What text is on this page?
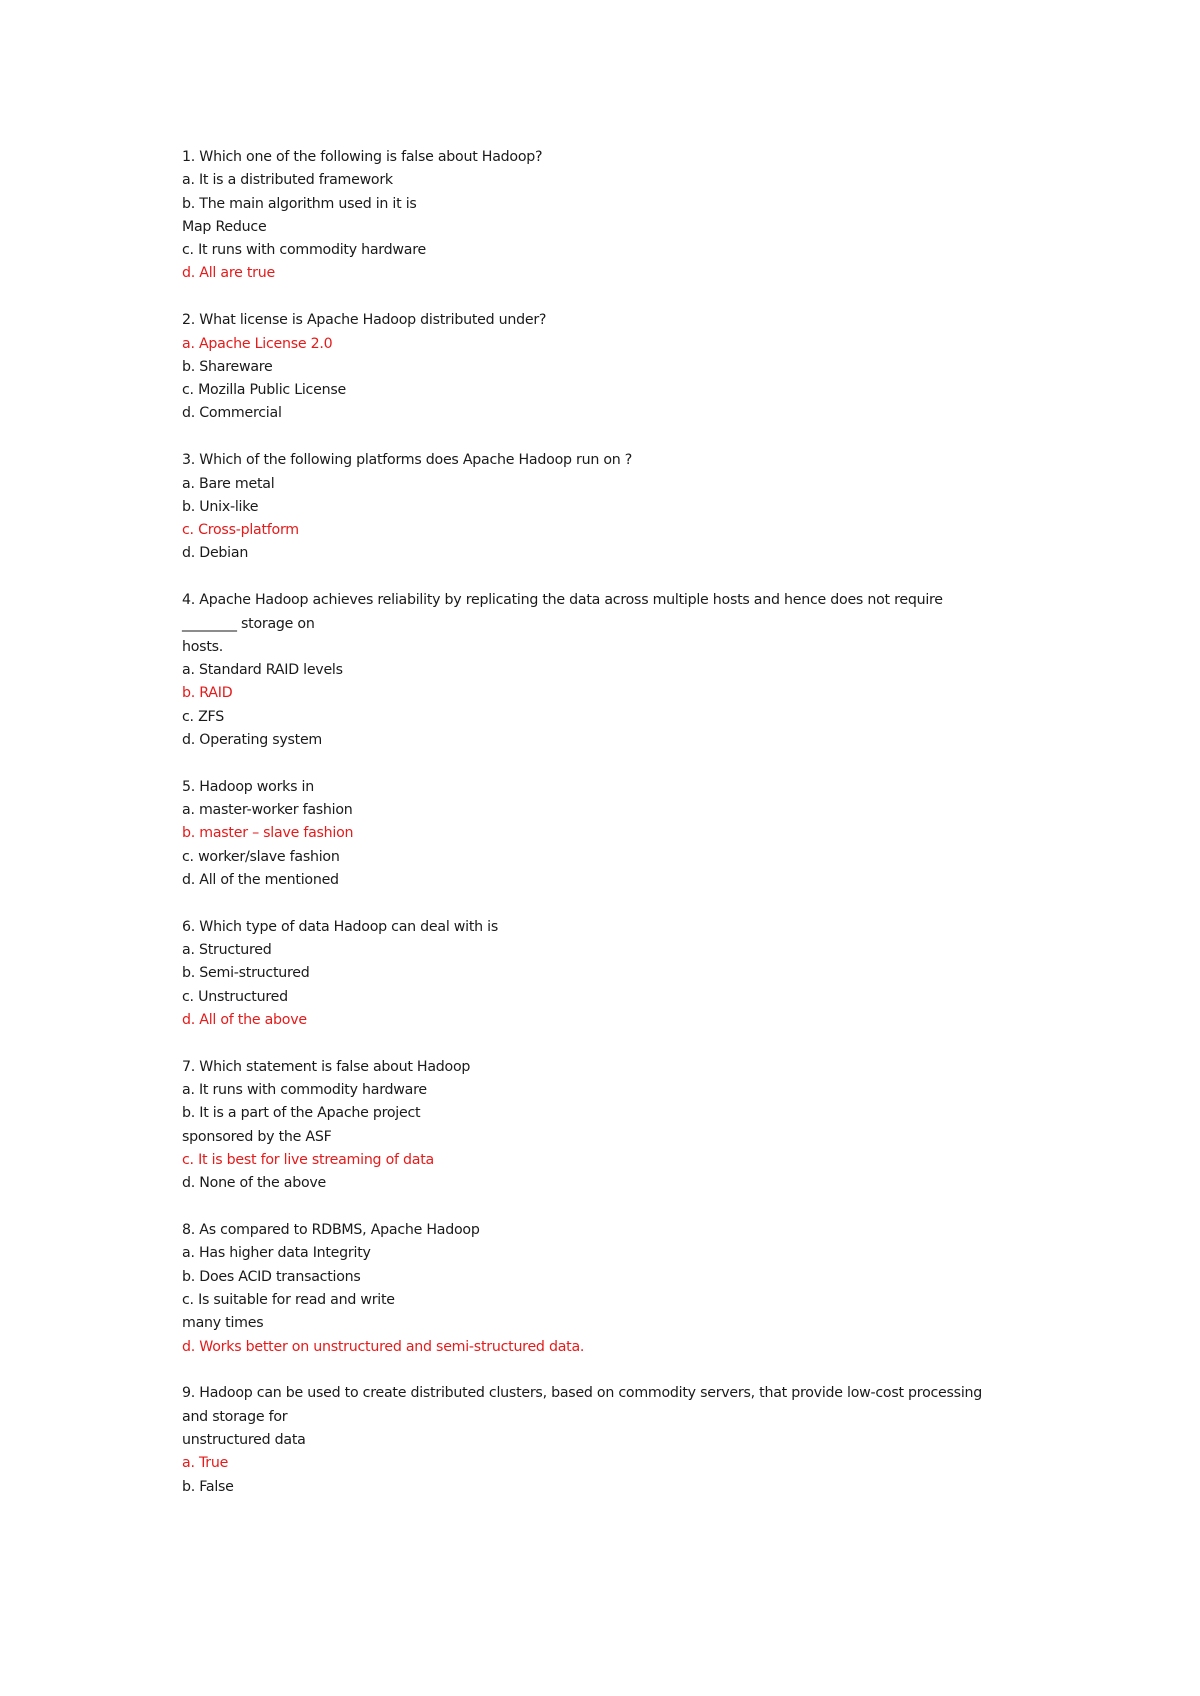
1. Which one of the following is false about Hadoop?
a. It is a distributed framework
b. The main algorithm used in it is
Map Reduce
c. It runs with commodity hardware
d. All are true
2. What license is Apache Hadoop distributed under?
a. Apache License 2.0
b. Shareware
c. Mozilla Public License
d. Commercial
3. Which of the following platforms does Apache Hadoop run on ?
a. Bare metal
b. Unix-like
c. Cross-platform
d. Debian
4. Apache Hadoop achieves reliability by replicating the data across multiple hosts and hence does not require
________ storage on
hosts.
a. Standard RAID levels
b. RAID
c. ZFS
d. Operating system
5. Hadoop works in
a. master-worker fashion
b. master – slave fashion
c. worker/slave fashion
d. All of the mentioned
6. Which type of data Hadoop can deal with is
a. Structured
b. Semi-structured
c. Unstructured
d. All of the above
7. Which statement is false about Hadoop
a. It runs with commodity hardware
b. It is a part of the Apache project
sponsored by the ASF
c. It is best for live streaming of data
d. None of the above
8. As compared to RDBMS, Apache Hadoop
a. Has higher data Integrity
b. Does ACID transactions
c. Is suitable for read and write
many times
d. Works better on unstructured and semi-structured data.
9. Hadoop can be used to create distributed clusters, based on commodity servers, that provide low-cost processing
and storage for
unstructured data
a. True
b. False
